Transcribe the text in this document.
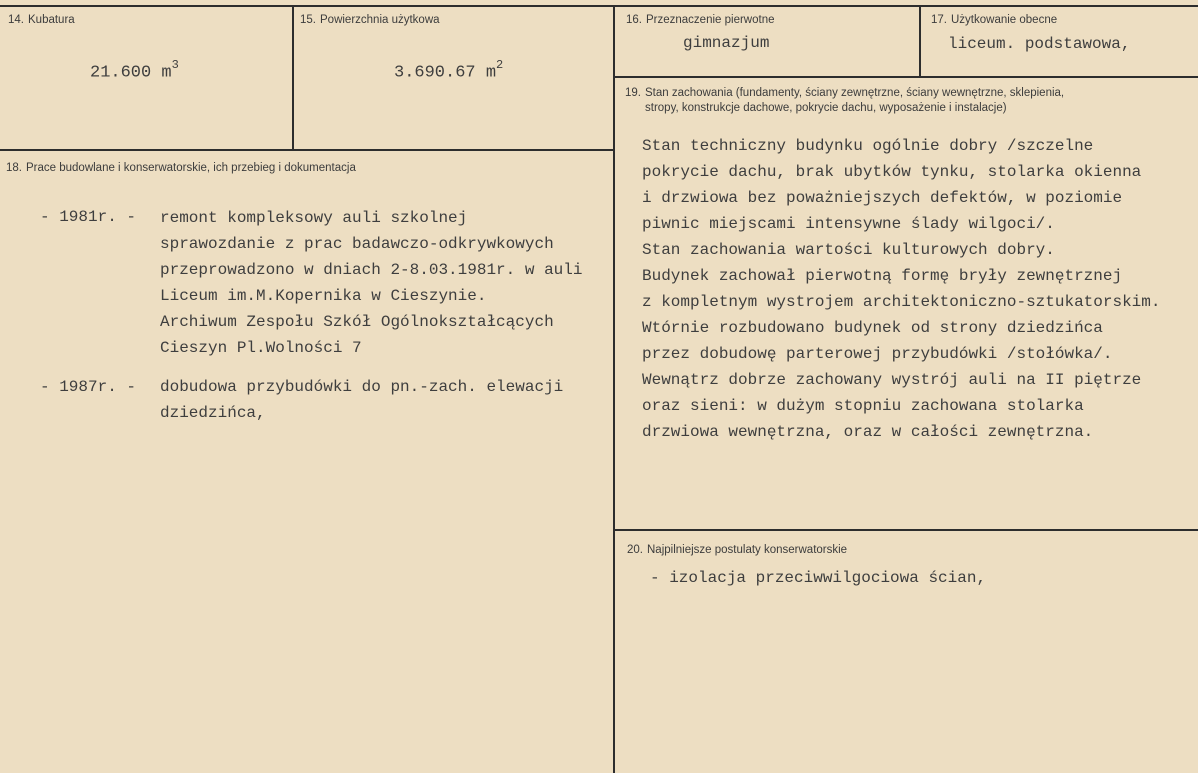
14. Kubatura
21.600 $m^3$
15. Powierzchnia użytkowa
3.690.67 $m^2$
16. Przeznaczenie pierwotne
gimnazjum
17. Użytkowanie obecne
liceum. podstawowa,
18. Prace budowlane i konserwatorskie, ich przebieg i dokumentacja
- 1981r. - remont kompleksowy auli szkolnej
sprawozdanie z prac badawczo-odkrywkowych
przeprowadzono w dniach 2-8.03.1981r. w auli
Liceum im.M.Kopernika w Cieszynie.
Archiwum Zespołu Szkół Ogólnokształcących
Cieszyn Pl.Wolności 7
- 1987r. - dobudowa przybudówki do pn.-zach. elewacji
dziedzińca,
19. Stan zachowania (fundamenty, ściany zewnętrzne, ściany wewnętrzne, sklepienia,
stropy, konstrukcje dachowe, pokrycie dachu, wyposażenie i instalacje)
Stan techniczny budynku ogólnie dobry /szczelne
pokrycie dachu, brak ubytków tynku, stolarka okienna
i drzwiowa bez poważniejszych defektów, w poziomie
piwnic miejscami intensywne ślady wilgoci/.
Stan zachowania wartości kulturowych dobry.
Budynek zachował pierwotną formę bryły zewnętrznej
z kompletnym wystrojem architektoniczno-sztukatorskim.
Wtórnie rozbudowano budynek od strony dziedzińca
przez dobudowę parterowej przybudówki /stołówka/.
Wewnątrz dobrze zachowany wystrój auli na II piętrze
oraz sieni: w dużym stopniu zachowana stolarka
drzwiowa wewnętrzna, oraz w całości zewnętrzna.
20. Najpilniejsze postulaty konserwatorskie
- izolacja przeciwwilgociowa ścian,
